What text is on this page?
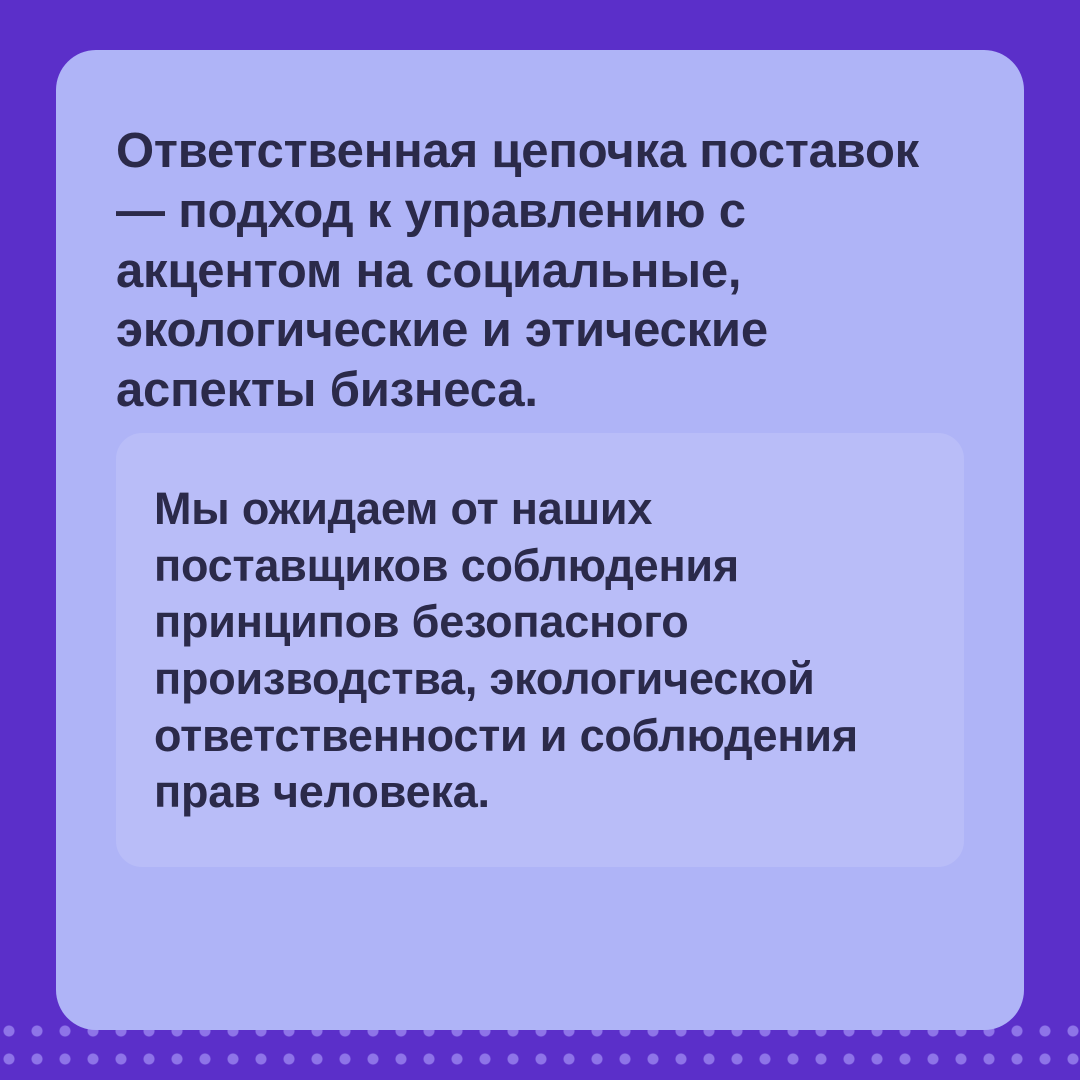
Ответственная цепочка поставок — подход к управлению с акцентом на социальные, экологические и этические аспекты бизнеса.

Мы ожидаем от наших поставщиков соблюдения принципов безопасного производства, экологической ответственности и соблюдения прав человека.
